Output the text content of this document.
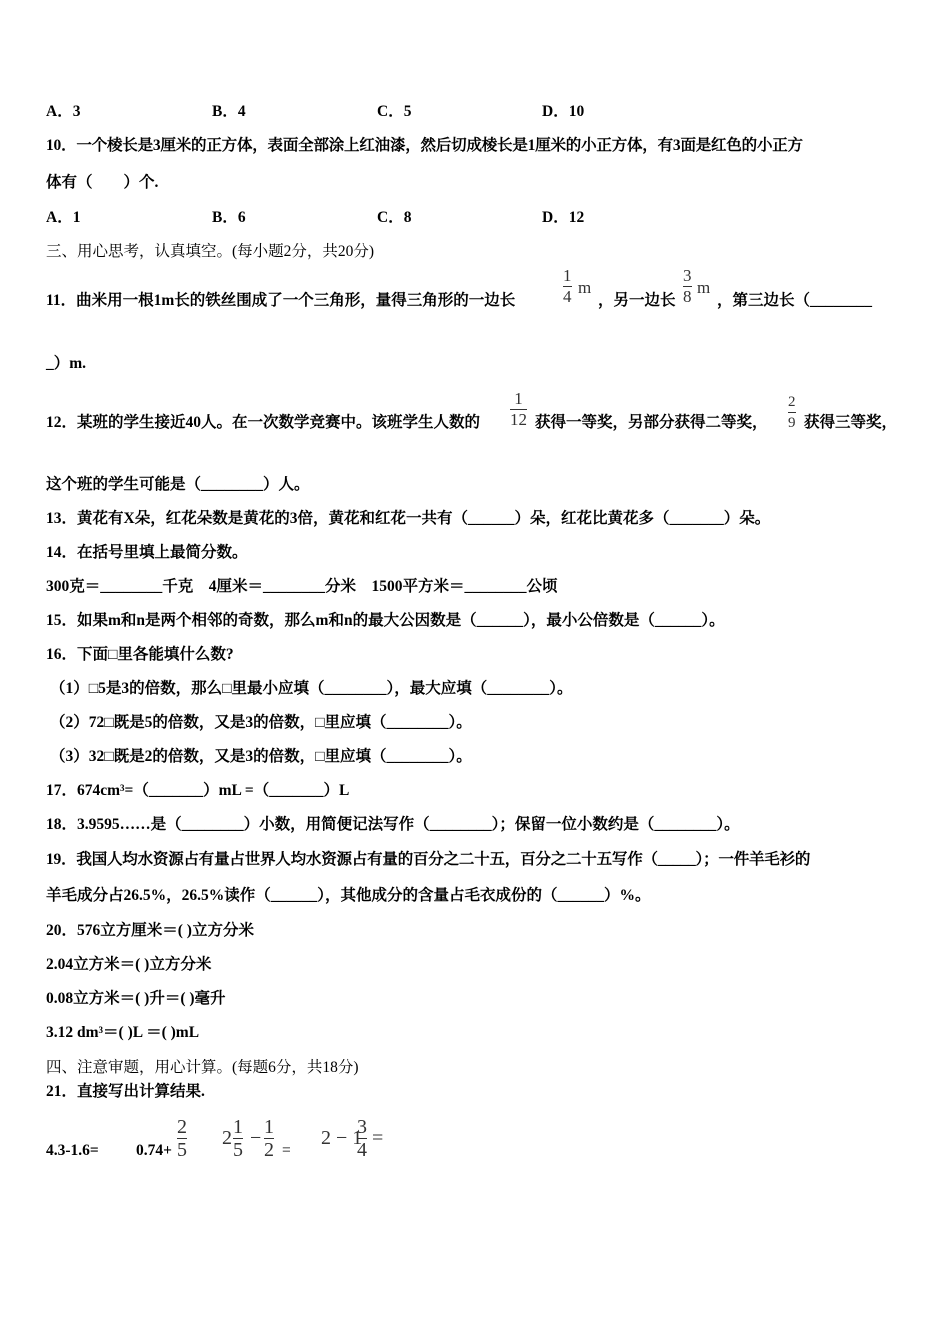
A．3	B．4	C．5	D．10
10．一个棱长是3厘米的正方体，表面全部涂上红油漆，然后切成棱长是1厘米的小正方体，有3面是红色的小正方
体有（　　）个.
A．1	B．6	C．8	D．12
三、用心思考，认真填空。(每小题2分，共20分)
11．曲米用一根1m长的铁丝围成了一个三角形，量得三角形的一边长
1
4 m
，另一边长
3
8 m
，第三边长（________
_）m.
12．某班的学生接近40人。在一次数学竞赛中。该班学生人数的
1
12 获得一等奖，另部分获得二等奖，
2
9 获得三等奖，
这个班的学生可能是（________）人。
13．黄花有X朵，红花朵数是黄花的3倍，黄花和红花一共有（______）朵，红花比黄花多（_______）朵。
14．在括号里填上最简分数。
300克＝________千克　4厘米＝________分米　1500平方米＝________公顷
15．如果m和n是两个相邻的奇数，那么m和n的最大公因数是（______），最小公倍数是（______）。
16．下面□里各能填什么数?
（1）□5是3的倍数，那么□里最小应填（________），最大应填（________）。
（2）72□既是5的倍数，又是3的倍数，□里应填（________）。
（3）32□既是2的倍数，又是3的倍数，□里应填（________）。
17．$674cm^3=(\_\_\_\_\_\_\_)mL$ =（_______）L
18．3.9595……是（________）小数，用简便记法写作（________）；保留一位小数约是（________）。
19．我国人均水资源占有量占世界人均水资源占有量的百分之二十五，百分之二十五写作（_____）；一件羊毛衫的
羊毛成分占26.5%，26.5%读作（______），其他成分的含量占毛衣成份的（______）%。
20．576立方厘米＝( )立方分米
2.04立方米＝( )立方分米
0.08立方米＝( )升＝( )毫升
3.12 $dm^3=$( )L ＝( )mL
四、注意审题，用心计算。(每题6分，共18分)
21．直接写出计算结果.
4.3-1.6= 0.74+
2
5
2 1
5
− 1
2 =
2 − 1
3
4
=
